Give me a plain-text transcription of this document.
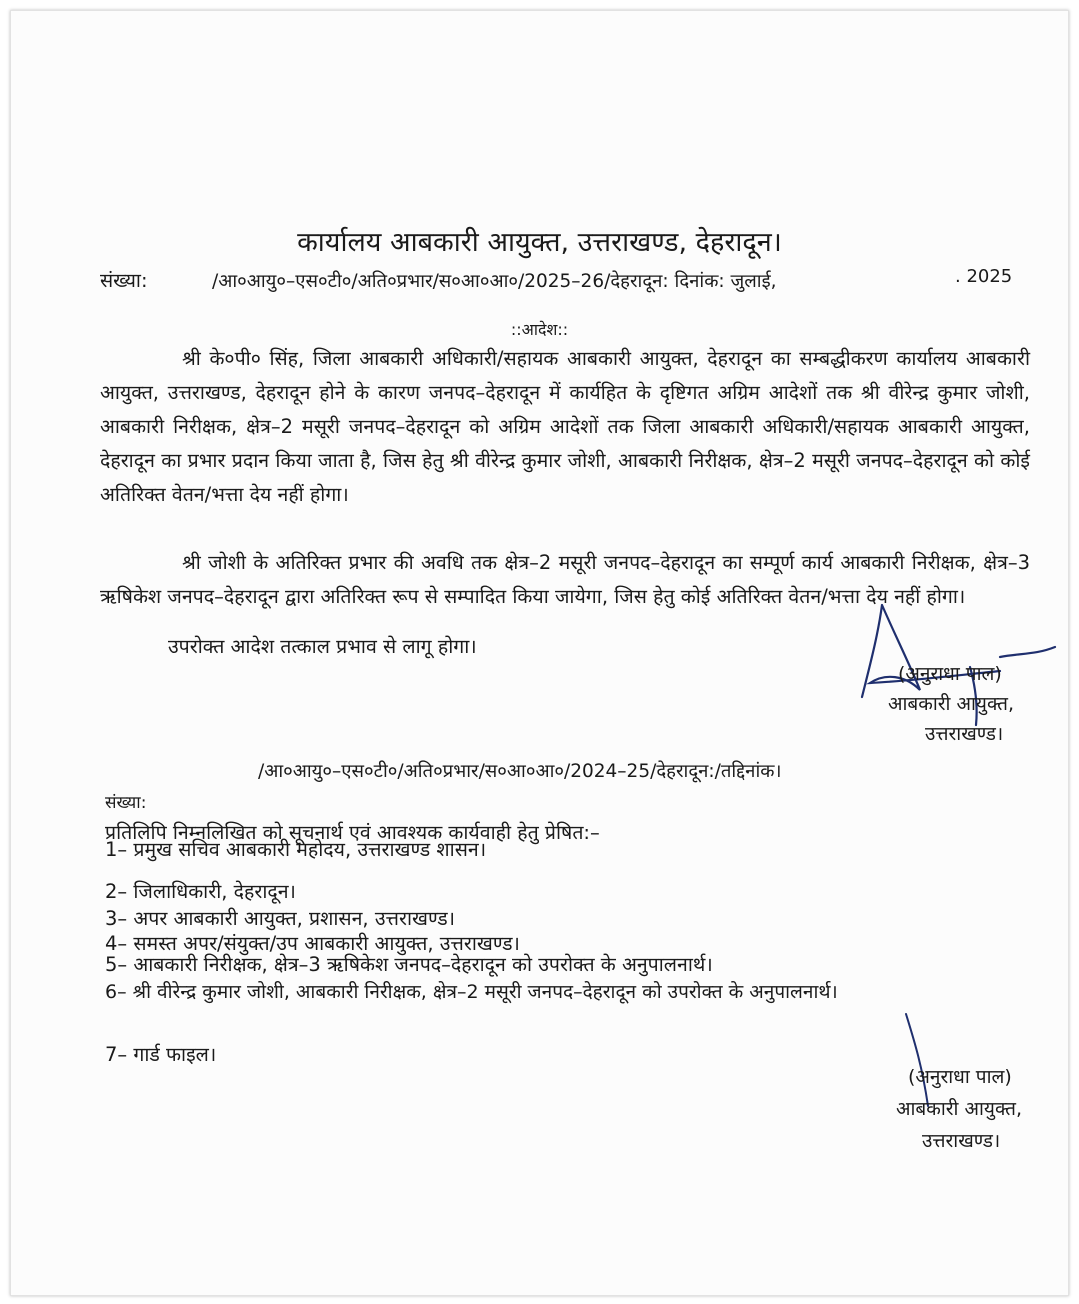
कार्यालय आबकारी आयुक्त, उत्तराखण्ड, देहरादून।
संख्या:	/आ०आयु०–एस०टी०/अति०प्रभार/स०आ०आ०/2025–26/देहरादून: दिनांक: जुलाई,	. 2025
::आदेश::
श्री के०पी० सिंह, जिला आबकारी अधिकारी/सहायक आबकारी आयुक्त, देहरादून का सम्बद्धीकरण कार्यालय आबकारी आयुक्त, उत्तराखण्ड, देहरादून होने के कारण जनपद–देहरादून में कार्यहित के दृष्टिगत अग्रिम आदेशों तक श्री वीरेन्द्र कुमार जोशी, आबकारी निरीक्षक, क्षेत्र–2 मसूरी जनपद–देहरादून को अग्रिम आदेशों तक जिला आबकारी अधिकारी/सहायक आबकारी आयुक्त, देहरादून का प्रभार प्रदान किया जाता है, जिस हेतु श्री वीरेन्द्र कुमार जोशी, आबकारी निरीक्षक, क्षेत्र–2 मसूरी जनपद–देहरादून को कोई अतिरिक्त वेतन/भत्ता देय नहीं होगा।
श्री जोशी के अतिरिक्त प्रभार की अवधि तक क्षेत्र–2 मसूरी जनपद–देहरादून का सम्पूर्ण कार्य आबकारी निरीक्षक, क्षेत्र–3 ऋषिकेश जनपद–देहरादून द्वारा अतिरिक्त रूप से सम्पादित किया जायेगा, जिस हेतु कोई अतिरिक्त वेतन/भत्ता देय नहीं होगा।
उपरोक्त आदेश तत्काल प्रभाव से लागू होगा।
(अनुराधा पाल)
आबकारी आयुक्त,
उत्तराखण्ड।
संख्या:
/आ०आयु०–एस०टी०/अति०प्रभार/स०आ०आ०/2024–25/देहरादून:/तद्दिनांक।
प्रतिलिपि निम्नलिखित को सूचनार्थ एवं आवश्यक कार्यवाही हेतु प्रेषित:–
1– प्रमुख सचिव आबकारी महोदय, उत्तराखण्ड शासन।
2– जिलाधिकारी, देहरादून।
3– अपर आबकारी आयुक्त, प्रशासन, उत्तराखण्ड।
4– समस्त अपर/संयुक्त/उप आबकारी आयुक्त, उत्तराखण्ड।
5– आबकारी निरीक्षक, क्षेत्र–3 ऋषिकेश जनपद–देहरादून को उपरोक्त के अनुपालनार्थ।
6– श्री वीरेन्द्र कुमार जोशी, आबकारी निरीक्षक, क्षेत्र–2 मसूरी जनपद–देहरादून को उपरोक्त के अनुपालनार्थ।
7– गार्ड फाइल।
(अनुराधा पाल)
आबकारी आयुक्त,
उत्तराखण्ड।
